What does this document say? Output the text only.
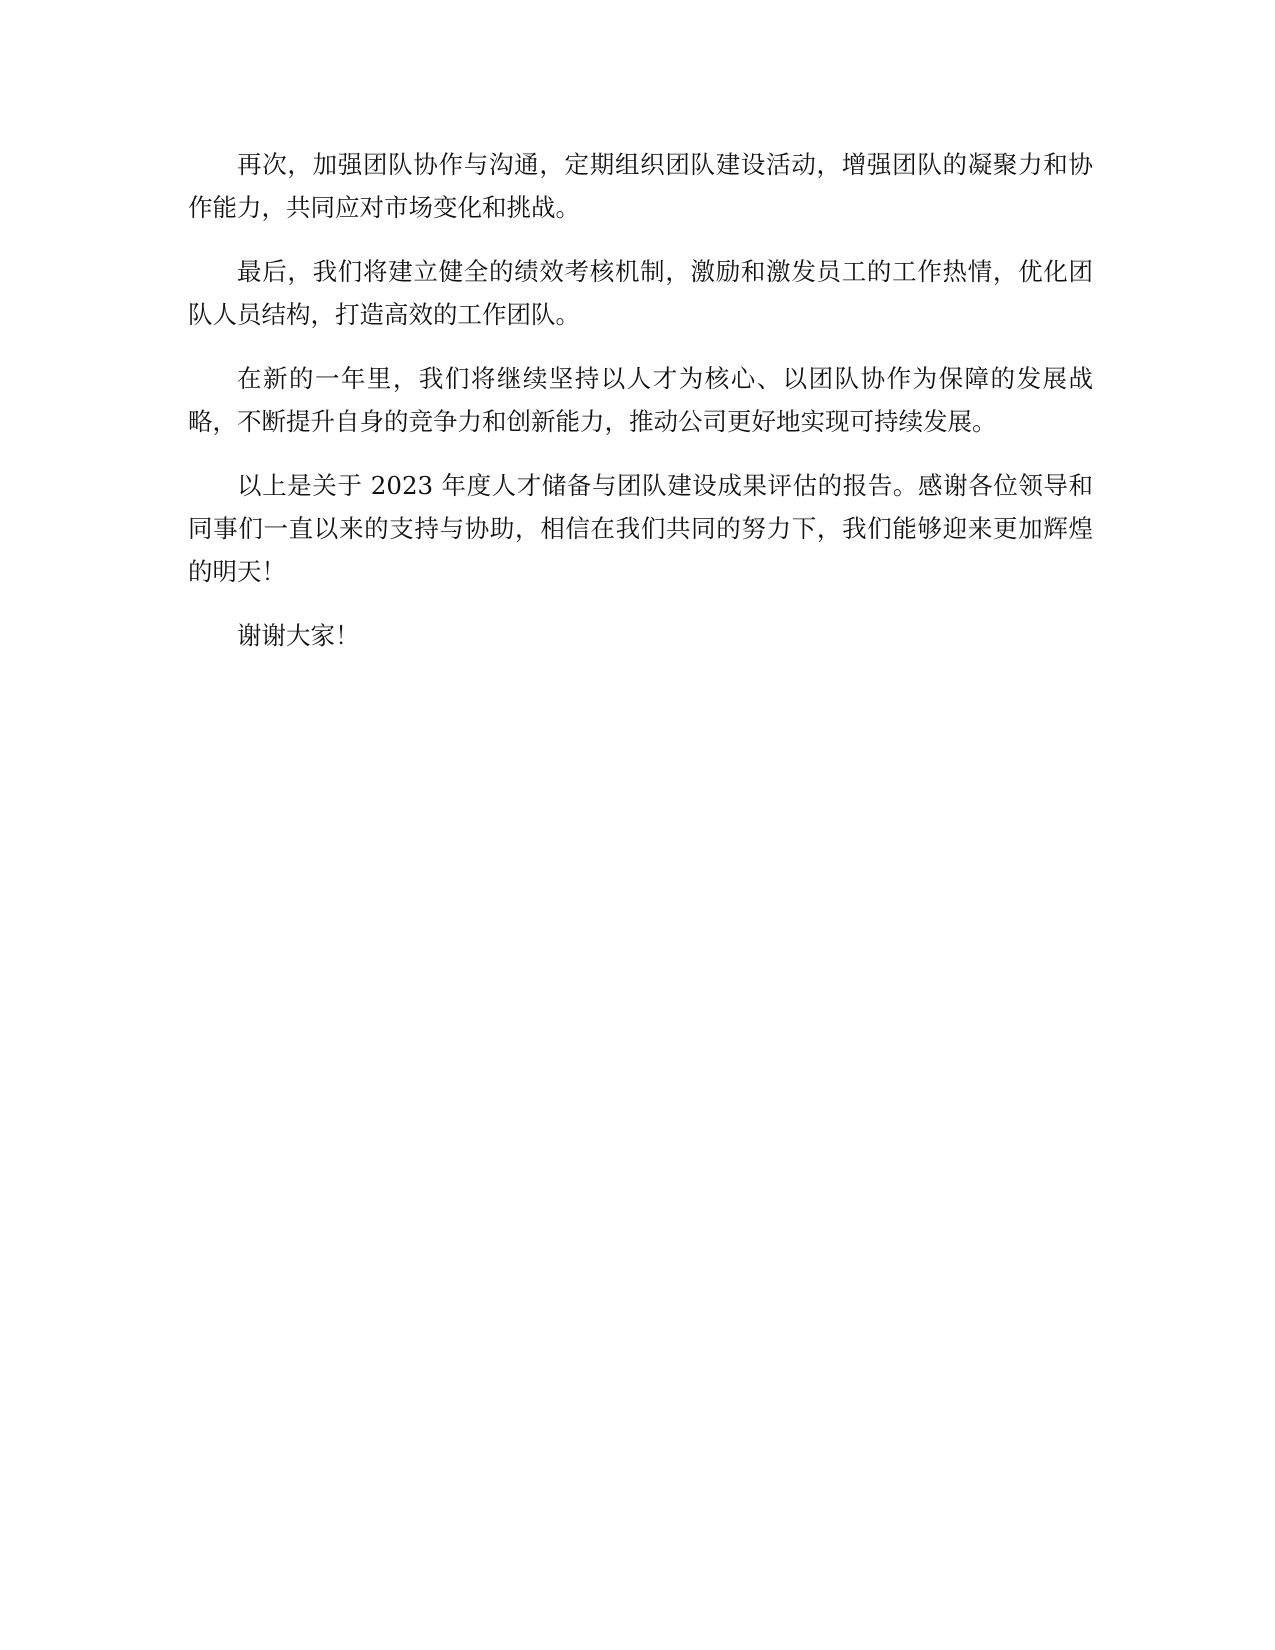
再次，加强团队协作与沟通，定期组织团队建设活动，增强团队的凝聚力和协作能力，共同应对市场变化和挑战。

最后，我们将建立健全的绩效考核机制，激励和激发员工的工作热情，优化团队人员结构，打造高效的工作团队。

在新的一年里，我们将继续坚持以人才为核心、以团队协作为保障的发展战略，不断提升自身的竞争力和创新能力，推动公司更好地实现可持续发展。

以上是关于 2023 年度人才储备与团队建设成果评估的报告。感谢各位领导和同事们一直以来的支持与协助，相信在我们共同的努力下，我们能够迎来更加辉煌的明天！

谢谢大家！
